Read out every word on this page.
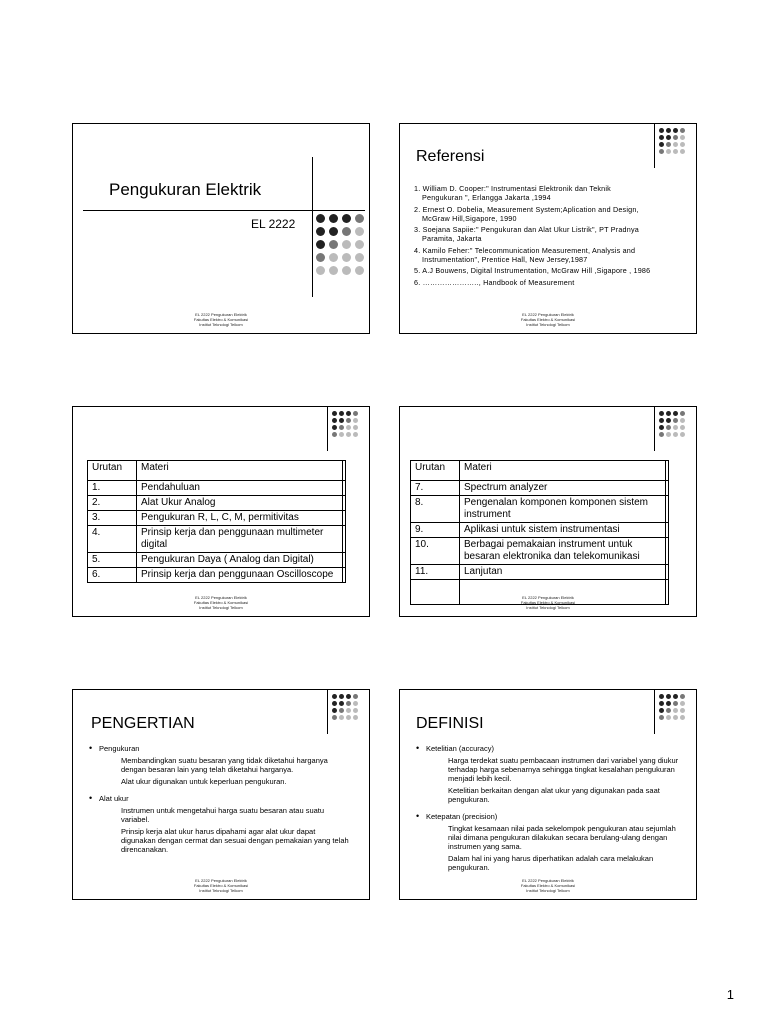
Pengukuran Elektrik
EL 2222
EL 2222 Pengukuran Elektrik
Fakultas Elektro & Komunikasi
Institut Teknologi Telkom
Referensi
1. William D. Cooper:" Instrumentasi Elektronik dan Teknik
Pengukuran ", Erlangga Jakarta ,1994
2. Ernest O. Dobelia, Measurement System;Aplication and Design,
McGraw Hill,Sigapore, 1990
3. Soejana Sapiie:" Pengukuran dan Alat Ukur Listrik", PT Pradnya
Paramita, Jakarta
4. Kamilo Feher:" Telecommunication Measurement, Analysis and
Instrumentation", Prentice Hall, New Jersey,1987
5. A.J Bouwens, Digital Instrumentation, McGraw Hill ,Sigapore , 1986
6. ………………….., Handbook of Measurement
EL 2222 Pengukuran Elektrik
Fakultas Elektro & Komunikasi
Institut Teknologi Telkom
Urutan	Materi	
1.	Pendahuluan	
2.	Alat Ukur Analog	
3.	Pengukuran R, L, C, M, permitivitas	
4.	Prinsip kerja dan penggunaan multimeter digital	
5.	Pengukuran Daya ( Analog dan Digital)	
6.	Prinsip kerja dan penggunaan Oscilloscope	
EL 2222 Pengukuran Elektrik
Fakultas Elektro & Komunikasi
Institut Teknologi Telkom
Urutan	Materi	
7.	Spectrum analyzer	
8.	Pengenalan komponen komponen sistem instrument	
9.	Aplikasi untuk sistem instrumentasi	
10.	Berbagai pemakaian instrument untuk besaran elektronika dan telekomunikasi	
11.	Lanjutan	

EL 2222 Pengukuran Elektrik
Fakultas Elektro & Komunikasi
Institut Teknologi Telkom
PENGERTIAN
• Pengukuran
Membandingkan suatu besaran yang tidak diketahui harganya dengan besaran lain yang telah diketahui harganya.
Alat ukur digunakan untuk keperluan pengukuran.
• Alat ukur
Instrumen untuk mengetahui harga suatu besaran atau suatu variabel.
Prinsip kerja alat ukur harus dipahami agar alat ukur dapat digunakan dengan cermat dan sesuai dengan pemakaian yang telah direncanakan.
EL 2222 Pengukuran Elektrik
Fakultas Elektro & Komunikasi
Institut Teknologi Telkom
DEFINISI
• Ketelitian (accuracy)
Harga terdekat suatu pembacaan instrumen dari variabel yang diukur terhadap harga sebenarnya sehingga tingkat kesalahan pengukuran menjadi lebih kecil.
Ketelitian berkaitan dengan alat ukur yang digunakan pada saat pengukuran.
• Ketepatan (precision)
Tingkat kesamaan nilai pada sekelompok pengukuran atau sejumlah nilai dimana pengukuran dilakukan secara berulang-ulang dengan instrumen yang sama.
Dalam hal ini yang harus diperhatikan adalah cara melakukan pengukuran.
EL 2222 Pengukuran Elektrik
Fakultas Elektro & Komunikasi
Institut Teknologi Telkom
1
